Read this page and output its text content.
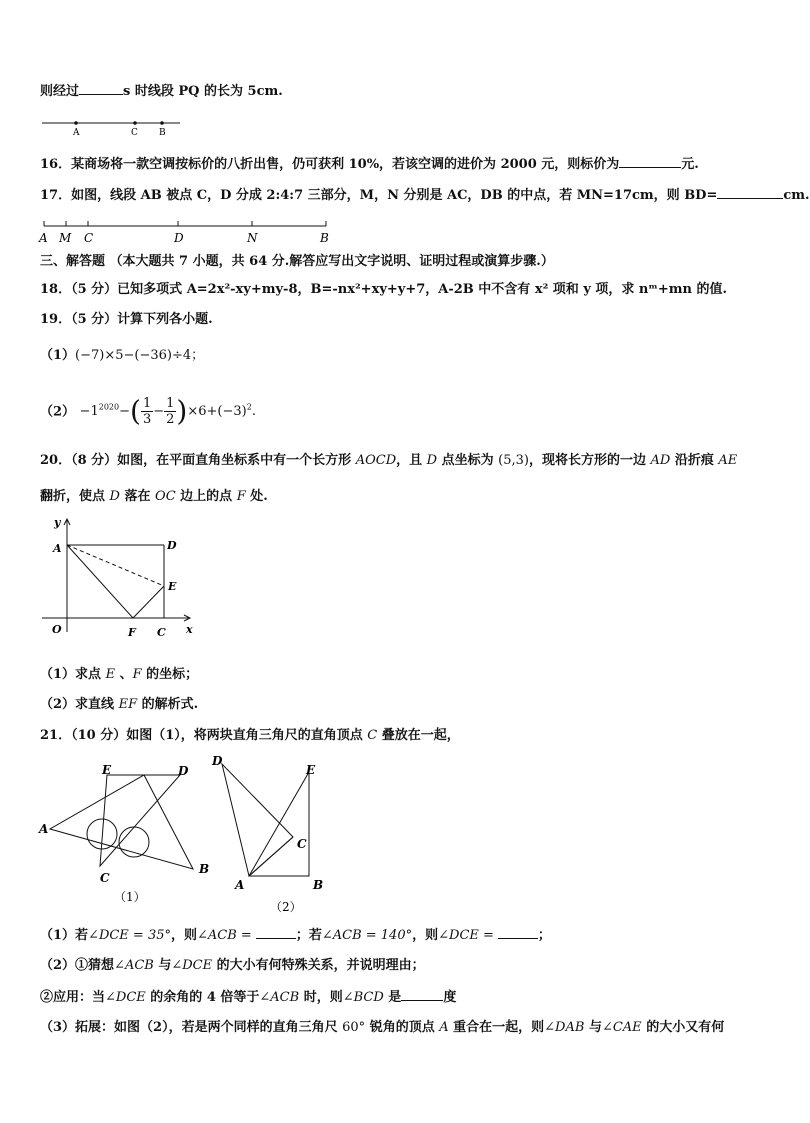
则经过	s 时线段 PQ 的长为 5cm.
A	C B
16．某商场将一款空调按标价的八折出售，仍可获利 10%，若该空调的进价为 2000 元，则标价为	元.
17．如图，线段 AB 被点 C，D 分成 2:4:7 三部分，M，N 分别是 AC，DB 的中点，若 MN=17cm，则 BD=	cm.
A M C	D	N	B
三、解答题 （本大题共 7 小题，共 64 分.解答应写出文字说明、证明过程或演算步骤.）
18．（5 分）已知多项式 A=2x²-xy+my-8，B=-nx²+xy+y+7，A-2B 中不含有 x² 项和 y 项，求 nᵐ+mn 的值.
19．（5 分）计算下列各小题.
（1）(−7)×5−(−36)÷4；
$(2) -1^{2020}-( \frac{1}{3} - \frac{1}{2} )\times 6+(-3)^2$.
20．（8 分）如图，在平面直角坐标系中有一个长方形 AOCD，且 D 点坐标为 (5,3)，现将长方形的一边 AD 沿折痕 AE
翻折，使点 D 落在 OC 边上的点 F 处.
y
x
O
A	D
E
F C
（1）求点 E 、F 的坐标；
（2）求直线 EF 的解析式.
21．（10 分）如图（1），将两块直角三角尺的直角顶点 C 叠放在一起，
E	D
A
C
B
（1）
D
E
C
A	B
（2）
（1）若∠DCE = 35°，则∠ACB =	；若∠ACB = 140°，则∠DCE =	；
（2）①猜想∠ACB 与∠DCE 的大小有何特殊关系，并说明理由；
②应用：当∠DCE 的余角的 4 倍等于∠ACB 时，则∠BCD 是	度
（3）拓展：如图（2），若是两个同样的直角三角尺 60° 锐角的顶点 A 重合在一起，则∠DAB 与∠CAE 的大小又有何
